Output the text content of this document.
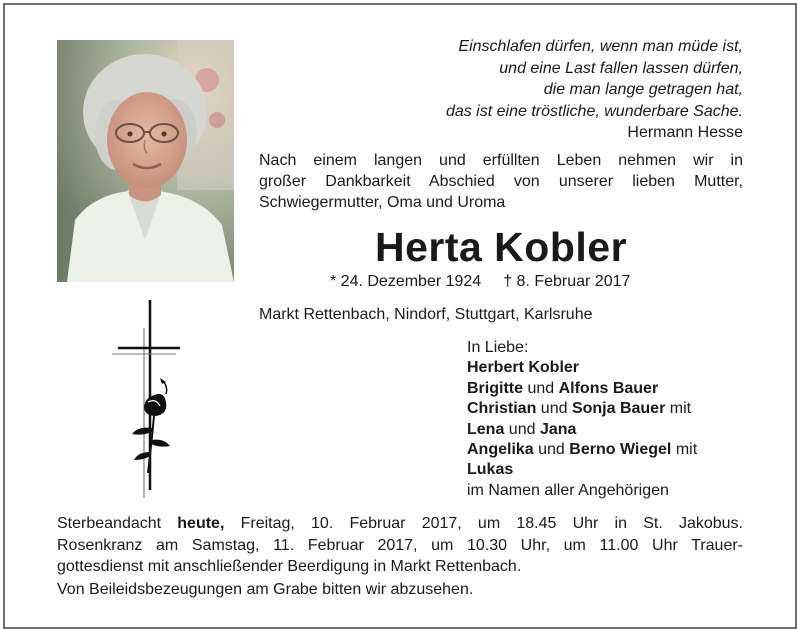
Einschlafen dürfen, wenn man müde ist,
und eine Last fallen lassen dürfen,
die man lange getragen hat,
das ist eine tröstliche, wunderbare Sache.
Hermann Hesse
Nach einem langen und erfüllten Leben nehmen wir in
großer Dankbarkeit Abschied von unserer lieben Mutter,
Schwiegermutter, Oma und Uroma
Herta Kobler
* 24. Dezember 1924 † 8. Februar 2017
Markt Rettenbach, Nindorf, Stuttgart, Karlsruhe
In Liebe:
Herbert Kobler
Brigitte und Alfons Bauer
Christian und Sonja Bauer mit
Lena und Jana
Angelika und Berno Wiegel mit
Lukas
im Namen aller Angehörigen
Sterbeandacht heute, Freitag, 10. Februar 2017, um 18.45 Uhr in St. Jakobus.
Rosenkranz am Samstag, 11. Februar 2017, um 10.30 Uhr, um 11.00 Uhr Trauer-
gottesdienst mit anschließender Beerdigung in Markt Rettenbach.
Von Beileidsbezeugungen am Grabe bitten wir abzusehen.
